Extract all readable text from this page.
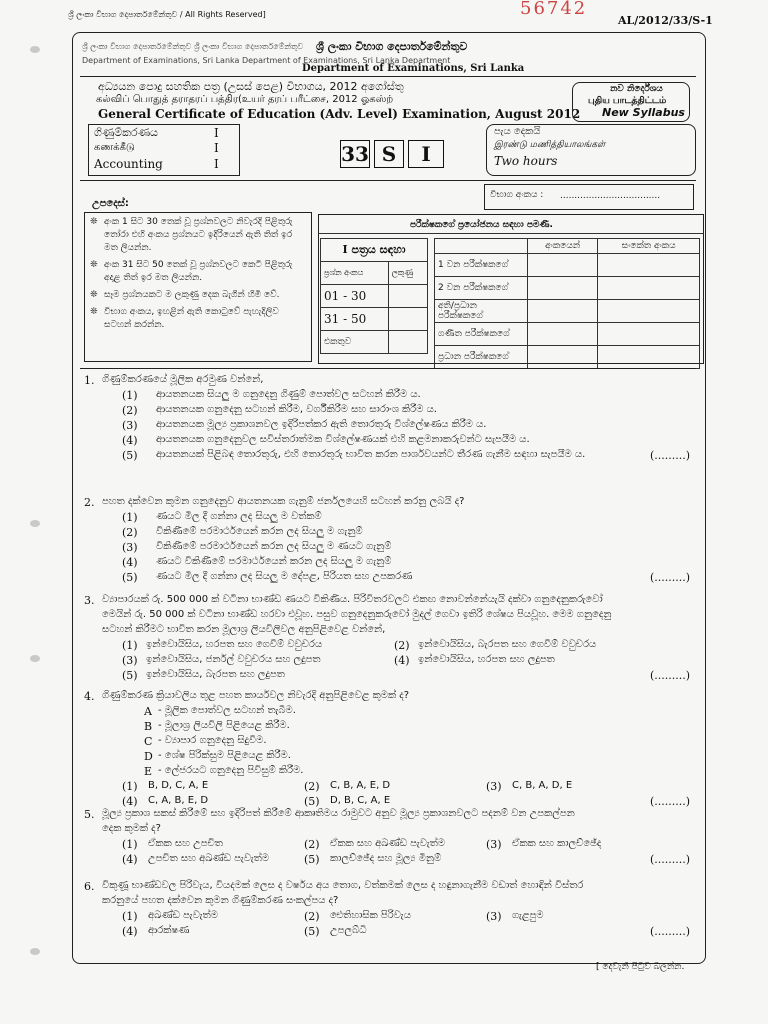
ශ්‍රී ලංකා විභාග දෙපාර්තමේන්තුව / All Rights Reserved]	56742
AL/2012/33/S-1
ශ්‍රී ලංකා විභාග දෙපාර්තමේන්තුව ශ්‍රී ලංකා විභාග දෙපාර්තමේන්තුව ශ්‍රී ලංකා විභාග දෙපාර්තමේන්තුව
Department of Examinations, Sri Lanka Department of Examinations, Sri Lanka Department
Department of Examinations, Sri Lanka
අධ්‍යයන පොදු සහතික පත්‍ර (උසස් පෙළ) විභාගය, 2012 අගෝස්තු
கல்விப் பொதுத் தராதரப் பத்திர(உயர் தரப் பரீட்சை, 2012 ஓகஸ்ற்
General Certificate of Education (Adv. Level) Examination, August 2012
නව නිර්දේශය
புதிய பாடத்திட்டம்
New Syllabus
ගිණුම්කරණය
கணக்கீடு
Accounting
I
I
I	33 S	I
පැය දෙකයි
இரண்டு மணித்தியாலங்கள்
Two hours
විභාග අංකය : ...................................
උපදෙස්:
❊ අංක 1 සිට 30 තෙක් වූ ප්‍රශ්නවලට නිවැරදි පිළිතුරු තෝරා එහි අංකය ප්‍රශ්නයට ඉදිරියෙන් ඇති තිත් ඉර මත ලියන්න.
❊ අංක 31 සිට 50 තෙක් වූ ප්‍රශ්නවලට කෙටි පිළිතුරු අදාළ තිත් ඉර මත ලියන්න.
❊ සෑම ප්‍රශ්නයකට ම ලකුණු දෙක බැගින් හිමි වේ.
❊ විභාග අංකය, ඉහළින් ඇති කොටුවේ පැහැදිලිව සටහන් කරන්න.
පරීක්ෂකගේ ප්‍රයෝජනය සඳහා පමණි.
I පත්‍රය සඳහා	
ප්‍රශ්න අංකය	ලකුණු
01 - 30	
31 - 50	
එකතුව	
	අංකයෙන්	සංකේත අංකය
1 වන පරීක්ෂකගේ		
2 වන පරීක්ෂකගේ		
අති/ප්‍රධාන පරීක්ෂකගේ		
ගණිත පරීක්ෂකගේ		
ප්‍රධාන පරීක්ෂකගේ		
1. ගිණුම්කරණයේ මූලික අරමුණ වන්නේ,
(1) ආයතනයක සියලු ම ගනුදෙනු ගිණුම් පොත්වල සටහන් කිරීම ය.
(2) ආයතනයක ගනුදෙනු සටහන් කිරීම, වර්ගීකිරීම සහ සාරාංශ කිරීම ය.
(3) ආයතනයක මූල්‍ය ප්‍රකාශනවල ඉදිරිපත්කර ඇති තොරතුරු විශ්ලේෂණය කිරීම ය.
(4) ආයතනයක ගනුදෙනුවල සවිස්තරාත්මක විශ්ලේෂණයක් එහි කළමනාකරුවන්ට සැපයීම ය.
(5) ආයතනයක් පිළිබඳ තොරතුරු, එහි තොරතුරු භාවිත කරන පාර්ශවයන්ට තීරණ ගැනීම සඳහා සැපයීම ය.	(.........)
2. පහත දක්වෙන කුමන ගනුදෙනුව ආයතනයක ගැනුම් ජර්නලයෙහි සටහන් කරනු ලබයි ද?
(1) ණයට මිල දී ගන්නා ලද සියලු ම වත්කම්
(2) විකිණීමේ පරමාර්ථයෙන් කරන ලද සියලු ම ගැනුම්
(3) විකිණීමේ පරමාර්ථයෙන් කරන ලද සියලු ම ණයට ගැනුම්
(4) ණයට විකිණීමේ පරමාර්ථයෙන් කරන ලද සියලු ම ගැනුම්
(5) ණයට මිල දී ගන්නා ලද සියලු ම දේපළ, පිරියත සහ උපකරණ	(.........)
3. ව්‍යාපාරයක් රු. 500 000 ක් වටිනා භාණ්ඩ ණයට විකිණිය. පිරිවිතරවලට එකඟ නොවන්නේයැයි දක්වා ගනුදෙනුකරුවෝ
මෙයින් රු. 50 000 ක් වටිනා භාණ්ඩ හරවා එවූහ. පසුව ගනුදෙනුකරුවෝ මුදල් ගෙවා ඉතිරි ශේෂය පියවූහ. මෙම ගනුදෙනු
සටහන් කිරීමට භාවිත කරන මූලාශ්‍ර ලියවිලිවල අනුපිළිවෙළ වන්නේ,
(1) ඉන්වොයිසිය, හරපත සහ ගෙවීම් වවුචරය	(2) ඉන්වොයිසිය, බැරපත සහ ගෙවීම් වවුචරය
(3) ඉන්වොයිසිය, ජර්නල් වවුචරය සහ ලදුපත	(4) ඉන්වොයිසිය, හරපත සහ ලදුපත
(5) ඉන්වොයිසිය, බැරපත සහ ලදුපත	(.........)
4. ගිණුම්කරණ ක්‍රියාවලිය තුළ පහත කාර්යවල නිවැරදි අනුපිළිවෙළ කුමක් ද?
A - මූලික පොත්වල සටහන් තැබීම.
B - මූලාශ්‍ර ලියවිලි පිළියෙළ කිරීම.
C - ව්‍යාපාර ගනුදෙනු සිදුවීම.
D - ශේෂ පිරික්සුම පිළියෙළ කිරීම.
E - ලේජරයට ගනුදෙනු පිවිසුම් කිරීම.
(1) B, D, C, A, E	(2) C, B, A, E, D	(3) C, B, A, D, E
(4) C, A, B, E, D	(5) D, B, C, A, E	(.........)
5. මූල්‍ය ප්‍රකාශ සකස් කිරීමේ සහ ඉදිරිපත් කිරීමේ ආකෘතිමය රාමුවට අනුව මූල්‍ය ප්‍රකාශනවලට පදනම් වන උපකල්පන
දෙක කුමක් ද?
(1) ඒකක සහ උපචිත	(2) ඒකක සහ අඛණ්ඩ පැවැත්ම	(3) ඒකක සහ කාලච්ඡේද
(4) උපචිත සහ අඛණ්ඩ පැවැත්ම	(5) කාලච්ඡේද සහ මූල්‍ය මිනුම්	(.........)
6. විකුණූ භාණ්ඩවල පිරිවැය, වියදමක් ලෙස ද වර්ෂය අය තොග, වත්කමක් ලෙස ද හඳුනාගැනීම වඩාත් හොඳින් විස්තර
කරනුයේ පහත දක්වෙන කුමන ගිණුම්කරණ සංකල්පය ද?
(1) අඛණ්ඩ පැවැත්ම	(2) ඓතිහාසික පිරිවැය	(3) ගැළපුම
(4) ආරක්ෂණ	(5) උපලබ්ධි	(.........)
[ දෙවැනි පිටුව බලන්න.
